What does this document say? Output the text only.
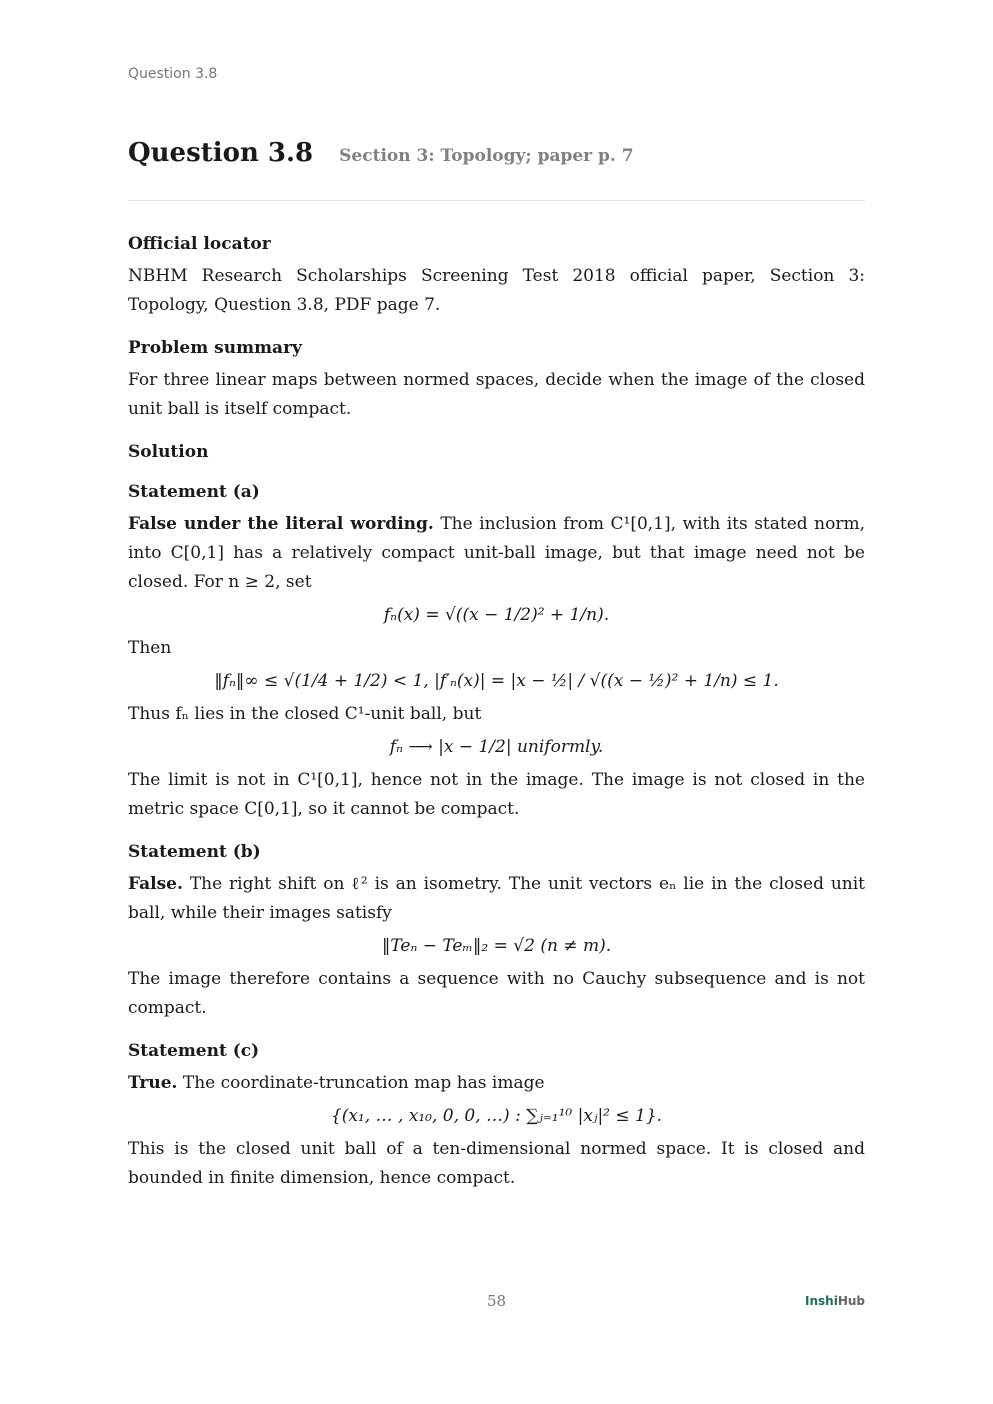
Question 3.8
Question 3.8 Section 3: Topology; paper p. 7
Official locator

NBHM Research Scholarships Screening Test 2018 official paper, Section 3: Topology, Question 3.8, PDF page 7.

Problem summary

For three linear maps between normed spaces, decide when the image of the closed unit ball is itself compact.

Solution
Statement (a)

False under the literal wording. The inclusion from C¹[0,1], with its stated norm, into C[0,1] has a relatively compact unit-ball image, but that image need not be closed. For n ≥ 2, set

fₙ(x) = √((x − 1/2)² + 1/n).

Then

‖fₙ‖∞ ≤ √(1/4 + 1/2) < 1, |f′ₙ(x)| = |x − ½| / √((x − ½)² + 1/n) ≤ 1.

Thus fₙ lies in the closed C¹-unit ball, but

fₙ ⟶ |x − 1/2| uniformly.

The limit is not in C¹[0,1], hence not in the image. The image is not closed in the metric space C[0,1], so it cannot be compact.

Statement (b)

False. The right shift on ℓ² is an isometry. The unit vectors eₙ lie in the closed unit ball, while their images satisfy

‖Teₙ − Teₘ‖₂ = √2 (n ≠ m).

The image therefore contains a sequence with no Cauchy subsequence and is not compact.

Statement (c)

True. The coordinate-truncation map has image

{(x₁, … , x₁₀, 0, 0, …) : ∑ⱼ₌₁¹⁰ |xⱼ|² ≤ 1}.

This is the closed unit ball of a ten-dimensional normed space. It is closed and bounded in finite dimension, hence compact.

58	InshiHub
